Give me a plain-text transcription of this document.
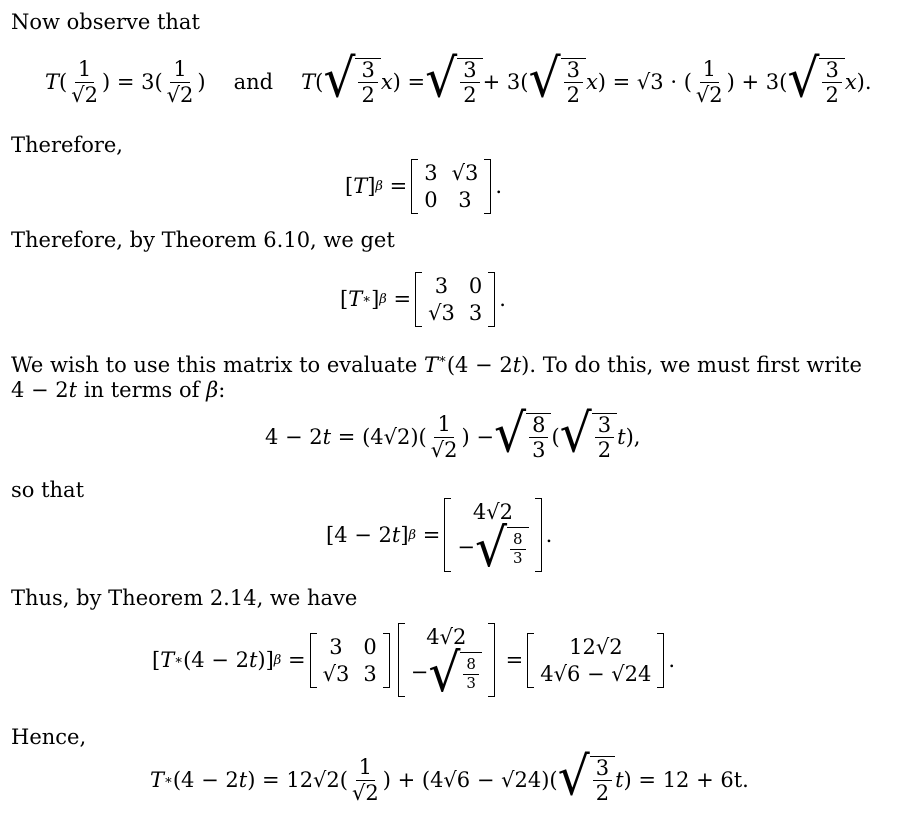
Now observe that
T ( $\frac{1}{√2}$ ) = $3( \frac{1}{√2}$ ) and T ( √ $\frac{3}{2}$ x ) = √ $\frac{3}{2} + 3$( √ $\frac{3}{2}$ x ) = √3 · ( $\frac{1}{√2}$ ) + 3( √ $\frac{3}{2}$ x ).
Therefore,
[ T ] β =
3 √3
0 3
.
Therefore, by Theorem 6.10, we get
[ T ∗ ] β =
3 0
√3 3
.
We wish to use this matrix to evaluate T∗(4 − 2t). To do this, we must first write
4 − 2t in terms of β:
4 − 2 $t = (4√2)( \frac{1}{√2}$ ) − √ $\frac{8}{3}$ ( √ $\frac{3}{2}$ t ),
so that
[4 − 2 t ] β =
4√2
− √ $\frac{8}{3}$ .
Thus, by Theorem 2.14, we have
[ T ∗ (4 − 2 t )] β =
3 0
√3 3
4√2
− √ $\frac{8}{3}$ =
12√2
4√6 − √24
.
Hence,
T ∗ (4 − 2 t ) = $12√2( \frac{1}{√2}$ ) + (4√6 − √24)( √ $\frac{3}{2}$ t ) = 12 + 6t.
